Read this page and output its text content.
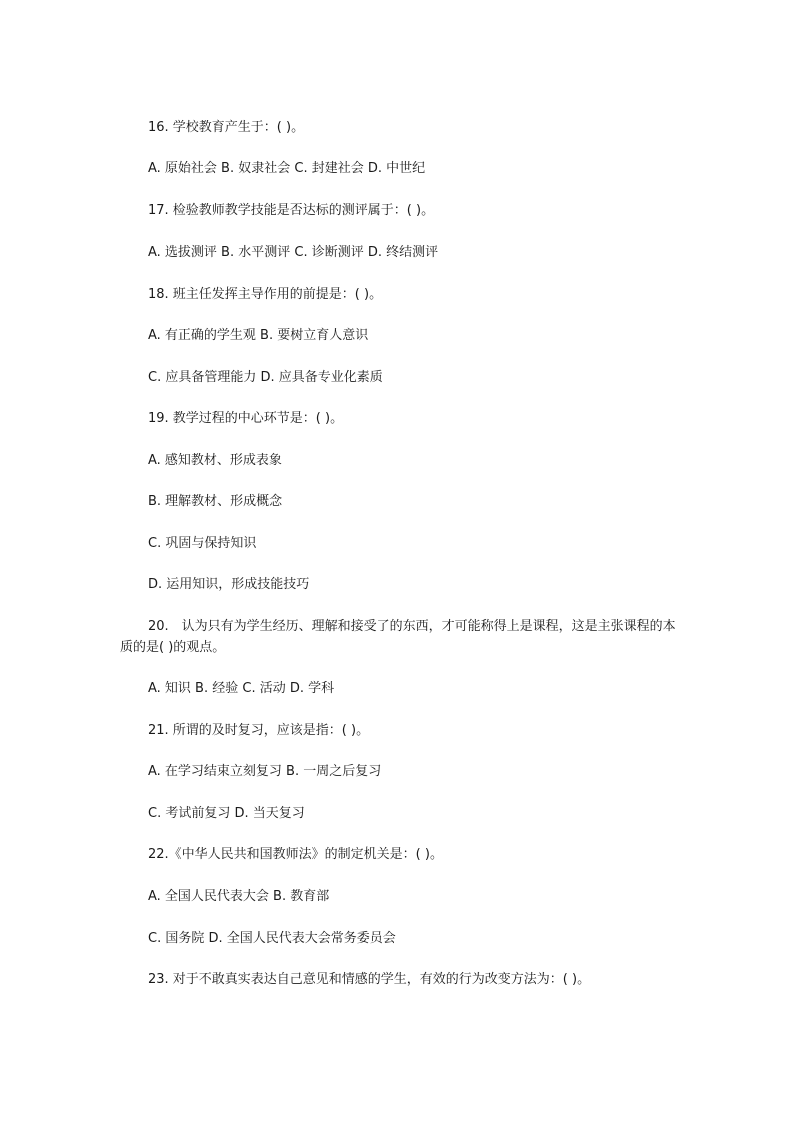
16. 学校教育产生于：( )。
A. 原始社会 B. 奴隶社会 C. 封建社会 D. 中世纪
17. 检验教师教学技能是否达标的测评属于：( )。
A. 选拔测评 B. 水平测评 C. 诊断测评 D. 终结测评
18. 班主任发挥主导作用的前提是：( )。
A. 有正确的学生观 B. 要树立育人意识
C. 应具备管理能力 D. 应具备专业化素质
19. 教学过程的中心环节是：( )。
A. 感知教材、形成表象
B. 理解教材、形成概念
C. 巩固与保持知识
D. 运用知识，形成技能技巧
20.　认为只有为学生经历、理解和接受了的东西，才可能称得上是课程，这是主张课程的本质的是( )的观点。
A. 知识 B. 经验 C. 活动 D. 学科
21. 所谓的及时复习，应该是指：( )。
A. 在学习结束立刻复习 B. 一周之后复习
C. 考试前复习 D. 当天复习
22.《中华人民共和国教师法》的制定机关是：( )。
A. 全国人民代表大会 B. 教育部
C. 国务院 D. 全国人民代表大会常务委员会
23. 对于不敢真实表达自己意见和情感的学生，有效的行为改变方法为：( )。
